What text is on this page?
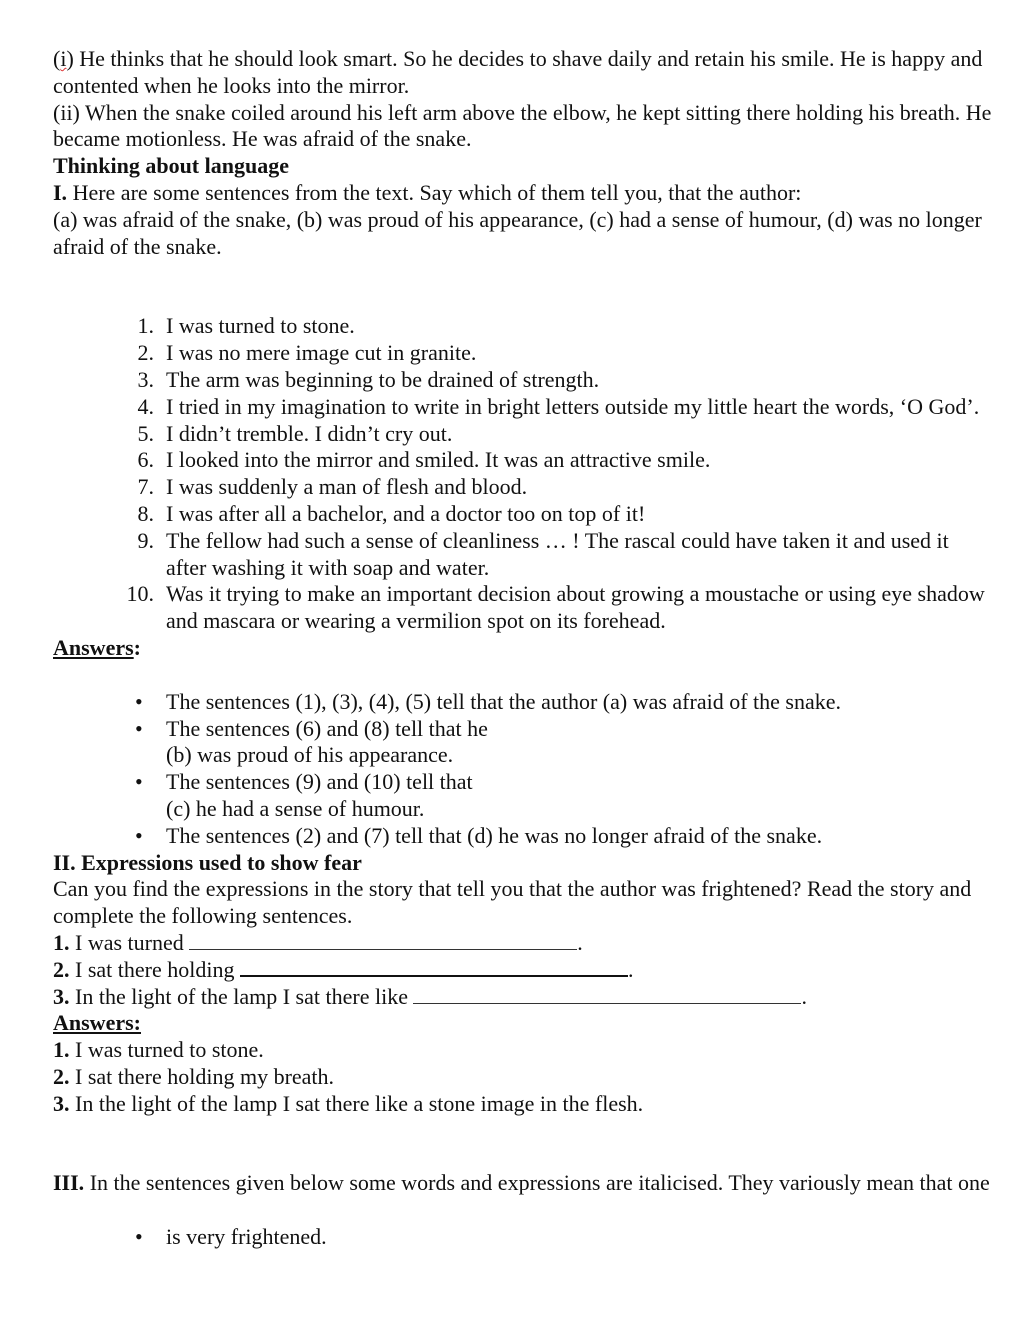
(i) He thinks that he should look smart. So he decides to shave daily and retain his smile. He is happy and contented when he looks into the mirror.

(ii) When the snake coiled around his left arm above the elbow, he kept sitting there holding his breath. He became motionless. He was afraid of the snake.

Thinking about language

I. Here are some sentences from the text. Say which of them tell you, that the author:

(a) was afraid of the snake, (b) was proud of his appearance, (c) had a sense of humour, (d) was no longer afraid of the snake.

1. I was turned to stone.
2. I was no mere image cut in granite.
3. The arm was beginning to be drained of strength.
4. I tried in my imagination to write in bright letters outside my little heart the words, ‘O God’.
5. I didn’t tremble. I didn’t cry out.
6. I looked into the mirror and smiled. It was an attractive smile.
7. I was suddenly a man of flesh and blood.
8. I was after all a bachelor, and a doctor too on top of it!
9. The fellow had such a sense of cleanliness … ! The rascal could have taken it and used it after washing it with soap and water.
10. Was it trying to make an important decision about growing a moustache or using eye shadow and mascara or wearing a vermilion spot on its forehead.

Answers:

• The sentences (1), (3), (4), (5) tell that the author (a) was afraid of the snake.
• The sentences (6) and (8) tell that he
(b) was proud of his appearance.
• The sentences (9) and (10) tell that
(c) he had a sense of humour.
• The sentences (2) and (7) tell that (d) he was no longer afraid of the snake.

II. Expressions used to show fear

Can you find the expressions in the story that tell you that the author was frightened? Read the story and complete the following sentences.

1. I was turned	.

2. I sat there holding	.

3. In the light of the lamp I sat there like	.

Answers:

1. I was turned to stone.

2. I sat there holding my breath.

3. In the light of the lamp I sat there like a stone image in the flesh.

III. In the sentences given below some words and expressions are italicised. They variously mean that one

• is very frightened.
